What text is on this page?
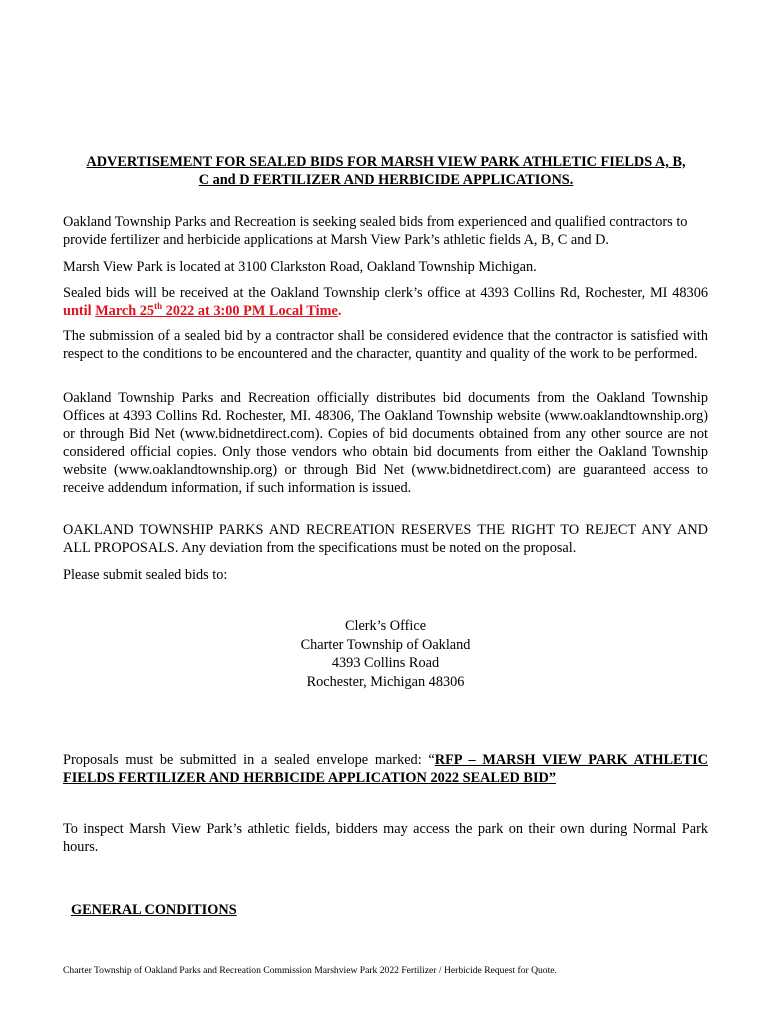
ADVERTISEMENT FOR SEALED BIDS FOR MARSH VIEW PARK ATHLETIC FIELDS A, B,
C and D FERTILIZER AND HERBICIDE APPLICATIONS.

Oakland Township Parks and Recreation is seeking sealed bids from experienced and qualified contractors to provide fertilizer and herbicide applications at Marsh View Park’s athletic fields A, B, C and D.

Marsh View Park is located at 3100 Clarkston Road, Oakland Township Michigan.

Sealed bids will be received at the Oakland Township clerk’s office at 4393 Collins Rd, Rochester, MI 48306 until March 25th 2022 at 3:00 PM Local Time.

The submission of a sealed bid by a contractor shall be considered evidence that the contractor is satisfied with respect to the conditions to be encountered and the character, quantity and quality of the work to be performed.

Oakland Township Parks and Recreation officially distributes bid documents from the Oakland Township Offices at 4393 Collins Rd. Rochester, MI. 48306, The Oakland Township website (www.oaklandtownship.org) or through Bid Net (www.bidnetdirect.com). Copies of bid documents obtained from any other source are not considered official copies. Only those vendors who obtain bid documents from either the Oakland Township website (www.oaklandtownship.org) or through Bid Net (www.bidnetdirect.com) are guaranteed access to receive addendum information, if such information is issued.

OAKLAND TOWNSHIP PARKS AND RECREATION RESERVES THE RIGHT TO REJECT ANY AND ALL PROPOSALS. Any deviation from the specifications must be noted on the proposal.

Please submit sealed bids to:

Clerk’s Office
Charter Township of Oakland
4393 Collins Road
Rochester, Michigan 48306

Proposals must be submitted in a sealed envelope marked: “RFP – MARSH VIEW PARK ATHLETIC FIELDS FERTILIZER AND HERBICIDE APPLICATION 2022 SEALED BID”

To inspect Marsh View Park’s athletic fields, bidders may access the park on their own during Normal Park hours.

GENERAL CONDITIONS

Charter Township of Oakland Parks and Recreation Commission Marshview Park 2022 Fertilizer / Herbicide Request for Quote.
